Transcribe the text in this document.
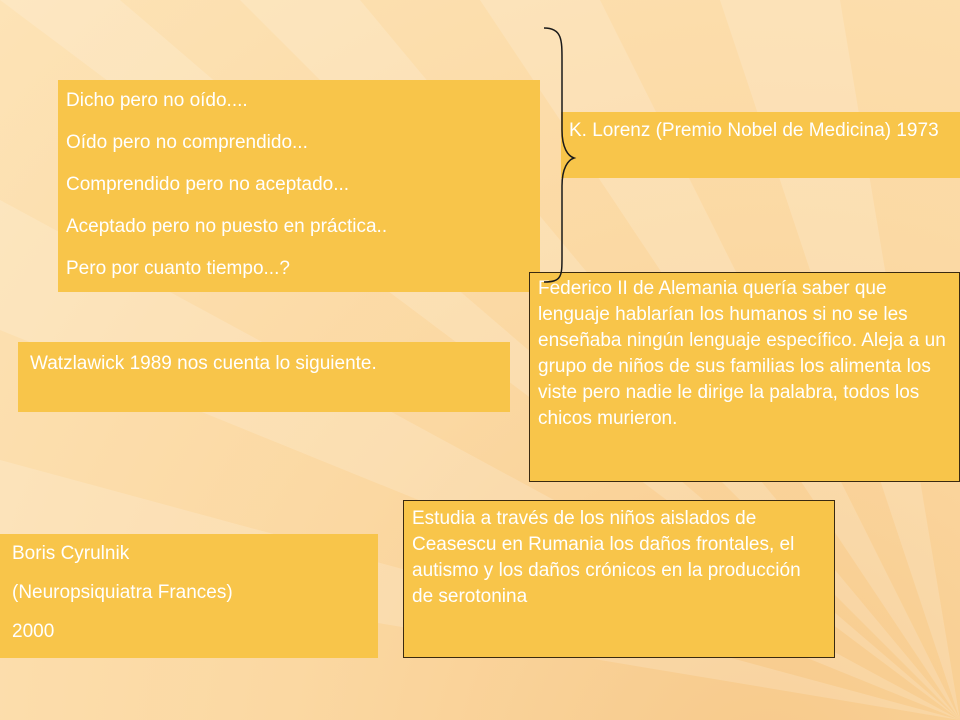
Dicho pero no oído....
Oído pero no comprendido...
Comprendido pero no aceptado...
Aceptado pero no puesto en práctica..
Pero por cuanto tiempo...?
K. Lorenz (Premio Nobel de Medicina) 1973
Federico II de Alemania quería saber que lenguaje hablarían los humanos si no se les enseñaba ningún lenguaje específico. Aleja a un grupo de niños de sus familias los alimenta los viste pero nadie le dirige la palabra, todos los chicos murieron.
Watzlawick 1989 nos cuenta lo siguiente.
Boris Cyrulnik
(Neuropsiquiatra Frances)
2000
Estudia a través de los niños aislados de Ceasescu en Rumania los daños frontales, el autismo y los daños crónicos en la producción de serotonina
